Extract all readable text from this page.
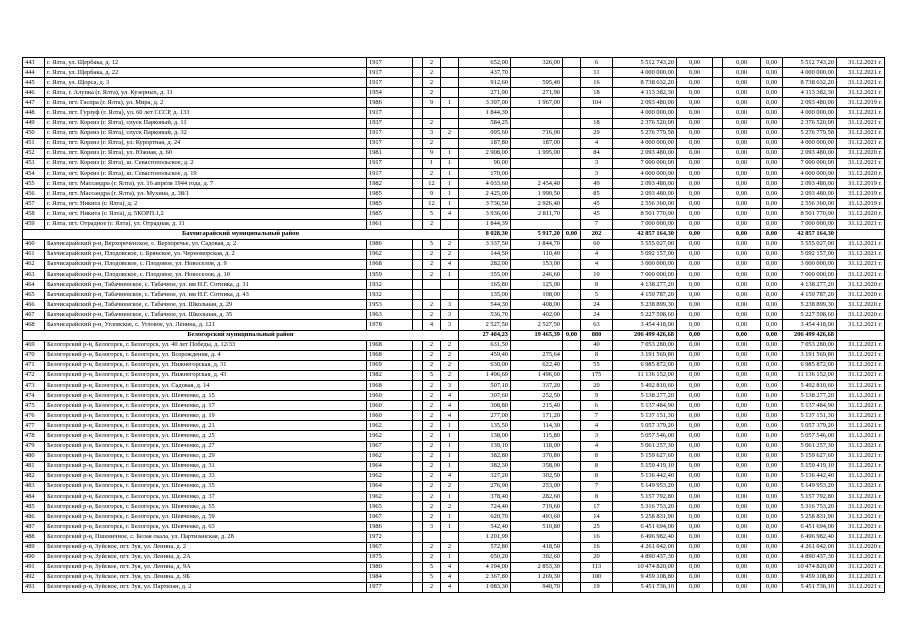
443	г. Ялта, ул. Щербака, д. 12	1917		2		652,00	326,00		6	5 512 743,20	0,00		0,00	0,00	5 512 743,20	31.12.2021 г.
444	г. Ялта, ул. Щербака, д. 22	1917		2		437,70			11	4 000 000,00	0,00		0,00	0,00	4 000 000,00	31.12.2021 г.
445	г. Ялта, ул. Щорса, д. 3	1917		2		912,60	595,40		16	8 738 632,20	0,00		0,00	0,00	8 738 632,20	31.12.2021 г.
446	г. Ялта, г. Алупка (г. Ялта), ул. Кузерных, д. 11	1954		2		271,90	271,90		18	4 113 382,30	0,00		0,00	0,00	4 113 382,30	31.12.2021 г.
447	г. Ялта, пгт. Гаспра (г. Ялта), ул. Мира, д. 2	1986		9	1	3 397,00	1 967,00		104	2 093 480,00	0,00		0,00	0,00	2 093 480,00	31.12.2019 г.
448	г. Ялта, пгт. Гурзуф (г. Ялта), ул. 60 лет СССР, д. 133	1917				1 844,39				4 000 000,00	0,00		0,00	0,00	4 000 000,00	31.12.2021 г.
449	г. Ялта, пгт. Кореиз (г. Ялта), спуск Парковый, д. 11	1937		2		584,25			18	2 376 520,00	0,00		0,00	0,00	2 376 520,00	31.12.2021 г.
450	г. Ялта, пгт. Кореиз (г. Ялта), спуск Парковый, д. 32	1917		3	2	995,60	716,00		29	5 276 779,58	0,00		0,00	0,00	5 276 779,58	31.12.2021 г.
451	г. Ялта, пгт. Кореиз (г. Ялта), ул. Курортная, д. 24	1917		2		187,80	187,00		4	4 000 000,00	0,00		0,00	0,00	4 000 000,00	31.12.2021 г.
452	г. Ялта, пгт. Кореиз (г. Ялта), ул. Южная, д. 60	1981		9	1	2 908,00	1 995,00		84	2 093 480,00	0,00		0,00	0,00	2 093 480,00	31.12.2020 г.
453	г. Ялта, пгт. Кореиз (г. Ялта), ш. Севастопольское, д. 2	1917		1	1	90,00			3	7 000 000,00	0,00		0,00	0,00	7 000 000,00	31.12.2021 г.
454	г. Ялта, пгт. Кореиз (г. Ялта), ш. Севастопольское, д. 19	1917		2	1	170,00			3	4 000 000,00	0,00		0,00	0,00	4 000 000,00	31.12.2020 г.
455	г. Ялта, пгт. Массандра (г. Ялта), ул. 16 апреля 1944 года, д. 7	1982		12	1	4 033,60	2 454,40		49	2 093 480,00	0,00		0,00	0,00	2 093 480,00	31.12.2019 г.
456	г. Ялта, пгт. Массандра (г. Ялта), ул. Мухина, д. 38/1	1985		9	1	2 425,00	1 990,50		85	2 093 480,00	0,00		0,00	0,00	2 093 480,00	31.12.2019 г.
457	г. Ялта, пгт. Никита (г. Ялта), д. 2	1985		12	1	3 736,50	2 926,40		45	2 556 360,00	0,00		0,00	0,00	2 556 360,00	31.12.2019 г.
458	г. Ялта, пгт. Никита (г. Ялта), д. 5КОРП.1,2	1985		5	4	3 936,00	2 811,70		45	8 501 770,00	0,00		0,00	0,00	8 501 770,00	31.12.2020 г.
459	г. Ялта, пгт. Отрадное (г. Ялта), ул. Отрадная, д. 11	1961		2		1 844,39			7	7 000 000,00	0,00		0,00	0,00	7 000 000,00	31.12.2021 г.
Бахчисарайский муниципальный район						8 028,30	5 917,20	0,00	202	42 857 164,30	0,00		0,00	0,00	42 857 164,30	
460	Бахчисарайский р-н, Верхореченское, с. Верхоречье, ул. Садовая, д. 2	1986		5	2	3 337,50	1 844,70		60	5 555 027,00	0,00		0,00	0,00	5 555 027,00	31.12.2021 г.
461	Бахчисарайский р-н, Плодовское, с. Брянское, ул. Черноморская, д. 2	1962		2	2	144,50	110,40		4	5 092 157,00	0,00		0,00	0,00	5 092 157,00	31.12.2021 г.
462	Бахчисарайский р-н, Плодовское, с. Плодовое, ул. Новоселов, д. 9	1968		2	4	282,00	153,00		4	3 000 000,00	0,00		0,00	0,00	3 000 000,00	31.12.2021 г.
463	Бахчисарайский р-н, Плодовское, с. Плодовое, ул. Новоселов, д. 10	1959		2	1	355,00	246,60		10	7 000 000,00	0,00		0,00	0,00	7 000 000,00	31.12.2021 г.
464	Бахчисарайский р-н, Табачненское, с. Табачное, ул. им Н.Г. Сотника, д. 31	1932				165,80	125,00		8	4 138 277,20	0,00		0,00	0,00	4 138 277,20	31.12.2020 г.
465	Бахчисарайский р-н, Табачненское, с. Табачное, ул. им Н.Г. Сотника, д. 43	1932				135,00	108,00		5	4 150 787,20	0,00		0,00	0,00	4 150 787,20	31.12.2020 г.
466	Бахчисарайский р-н, Табачненское, с. Табачное, ул. Школьная, д. 29	1953		2	3	544,30	408,00		24	5 238 899,30	0,00		0,00	0,00	5 238 899,30	31.12.2020 г.
467	Бахчисарайский р-н, Табачненское, с. Табачное, ул. Школьная, д. 35	1963		2	3	536,70	402,00		24	5 227 598,60	0,00		0,00	0,00	5 227 598,60	31.12.2020 г.
468	Бахчисарайский р-н, Угловское, с. Угловое, ул. Ленина, д. 121	1978		4	3	2 527,50	2 527,50		63	3 454 418,00	0,00		0,00	0,00	3 454 418,00	31.12.2021 г.
Белогорский муниципальный район						27 404,23	19 465,39	0,00	880	206 499 426,68	0,00		0,00	0,00	206 499 426,68	
469	Белогорский р-н, Белогорск, г. Белогорск, ул. 40 лет Победы, д. 12/33	1968		2	2	631,50			40	7 053 280,00	0,00		0,00	0,00	7 053 280,00	31.12.2021 г.
470	Белогорский р-н, Белогорск, г. Белогорск, ул. Возрождения, д. 4	1968		2	2	459,40	275,64		8	3 191 569,80	0,00		0,00	0,00	3 191 569,80	31.12.2021 г.
471	Белогорский р-н, Белогорск, г. Белогорск, ул. Нижнегорская, д. 31	1969		2	2	630,00	622,40		55	6 985 872,00	0,00		0,00	0,00	6 985 872,00	31.12.2021 г.
472	Белогорский р-н, Белогорск, г. Белогорск, ул. Нижнегорская, д. 43	1982		5	2	1 496,60	1 496,60		175	11 136 152,00	0,00		0,00	0,00	11 136 152,00	31.12.2021 г.
473	Белогорский р-н, Белогорск, г. Белогорск, ул. Садовая, д. 14	1968		2	3	507,10	337,20		20	5 492 810,60	0,00		0,00	0,00	5 492 810,60	31.12.2021 г.
474	Белогорский р-н, Белогорск, г. Белогорск, ул. Шевченко, д. 15	1960		2	4	307,60	252,50		9	5 138 277,20	0,00		0,00	0,00	5 138 277,20	31.12.2021 г.
475	Белогорский р-н, Белогорск, г. Белогорск, ул. Шевченко, д. 17	1960		2	4	308,80	215,40		6	5 137 484,90	0,00		0,00	0,00	5 137 484,90	31.12.2021 г.
476	Белогорский р-н, Белогорск, г. Белогорск, ул. Шевченко, д. 19	1960		2	4	277,00	171,20		7	5 137 151,30	0,00		0,00	0,00	5 137 151,30	31.12.2021 г.
477	Белогорский р-н, Белогорск, г. Белогорск, ул. Шевченко, д. 21	1962		2	1	135,50	114,30		4	5 057 379,20	0,00		0,00	0,00	5 057 379,20	31.12.2021 г.
478	Белогорский р-н, Белогорск, г. Белогорск, ул. Шевченко, д. 25	1962		2	1	138,00	115,80		3	5 057 546,00	0,00		0,00	0,00	5 057 546,00	31.12.2021 г.
479	Белогорский р-н, Белогорск, г. Белогорск, ул. Шевченко, д. 27	1967		2	1	139,10	118,00		4	5 061 257,30	0,00		0,00	0,00	5 061 257,30	31.12.2021 г.
480	Белогорский р-н, Белогорск, г. Белогорск, ул. Шевченко, д. 29	1962		2	1	382,80	370,80		8	5 159 627,60	0,00		0,00	0,00	5 159 627,60	31.12.2021 г.
481	Белогорский р-н, Белогорск, г. Белогорск, ул. Шевченко, д. 31	1964		2	1	382,30	358,00		8	5 159 419,10	0,00		0,00	0,00	5 159 419,10	31.12.2021 г.
482	Белогорский р-н, Белогорск, г. Белогорск, ул. Шевченко, д. 33	1962		2	4	327,20	302,50		8	5 136 442,40	0,00		0,00	0,00	5 136 442,40	31.12.2021 г.
483	Белогорский р-н, Белогорск, г. Белогорск, ул. Шевченко, д. 35	1964		2	2	276,90	253,00		7	5 149 953,20	0,00		0,00	0,00	5 149 953,20	31.12.2021 г.
484	Белогорский р-н, Белогорск, г. Белогорск, ул. Шевченко, д. 37	1962		2	1	378,40	282,60		8	5 157 792,80	0,00		0,00	0,00	5 157 792,80	31.12.2021 г.
485	Белогорский р-н, Белогорск, г. Белогорск, ул. Шевченко, д. 55	1965		2	2	724,40	719,60		17	5 316 753,20	0,00		0,00	0,00	5 316 753,20	31.12.2021 г.
486	Белогорский р-н, Белогорск, г. Белогорск, ул. Шевченко, д. 59	1967		2	1	620,70	493,60		14	5 258 831,90	0,00		0,00	0,00	5 258 831,90	31.12.2021 г.
487	Белогорский р-н, Белогорск, г. Белогорск, ул. Шевченко, д. 63	1986		3	1	542,40	510,80		25	6 451 694,00	0,00		0,00	0,00	6 451 694,00	31.12.2021 г.
488	Белогорский р-н, Пшеничное, с. Белая скала, ул. Партизанская, д. 28	1972				1 201,99			16	6 496 982,40	0,00		0,00	0,00	6 496 982,40	31.12.2021 г.
489	Белогорский р-н, Зуйское, пгт. Зуя, ул. Ленина, д. 2	1967		2	2	572,80	418,50		16	4 261 042,00	0,00		0,00	0,00	4 261 042,00	31.12.2020 г.
490	Белогорский р-н, Зуйское, пгт. Зуя, ул. Ленина, д. 2А	1975		2	1	650,20	392,60		20	4 890 437,30	0,00		0,00	0,00	4 890 437,30	31.12.2021 г.
491	Белогорский р-н, Зуйское, пгт. Зуя, ул. Ленина, д. 9А	1980		5	4	4 194,00	2 853,30		113	10 474 820,00	0,00		0,00	0,00	10 474 820,00	31.12.2021 г.
492	Белогорский р-н, Зуйское, пгт. Зуя, ул. Ленина, д. 9Б	1984		5	4	2 367,80	1 269,30		100	9 459 108,80	0,00		0,00	0,00	9 459 108,80	31.12.2021 г.
493	Белогорский р-н, Зуйское, пгт. Зуя, ул. Партизан, д. 2	1977		2	4	1 083,30	940,70		19	5 451 736,10	0,00		0,00	0,00	5 451 736,10	31.12.2021 г.
